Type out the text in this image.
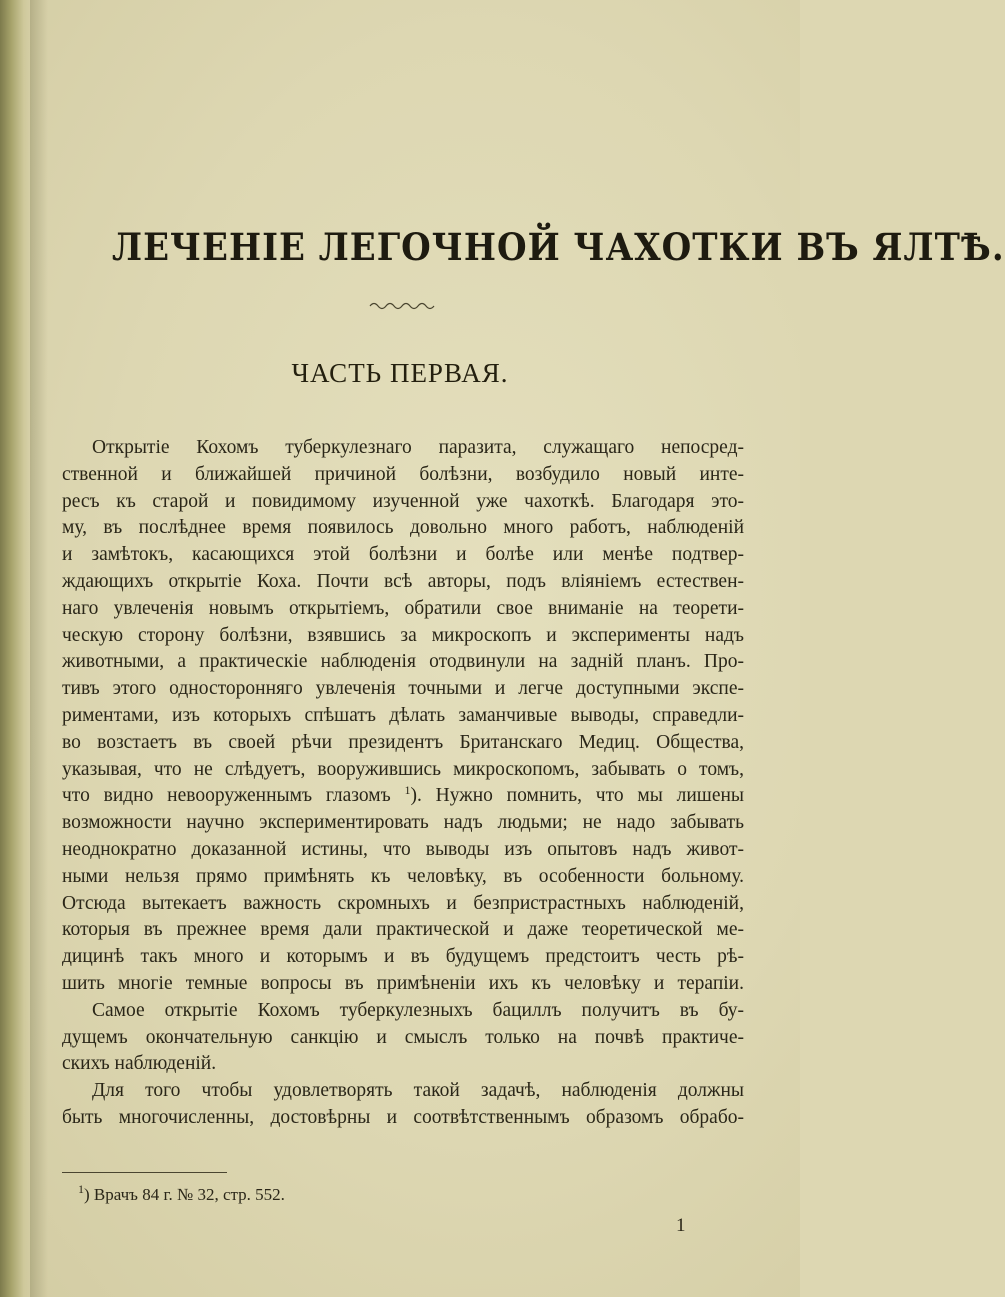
ЛЕЧЕНІЕ ЛЕГОЧНОЙ ЧАХОТКИ ВЪ ЯЛТѢ.
ЧАСТЬ ПЕРВАЯ.
Открытіе Кохомъ туберкулезнаго паразита, служащаго непосред-
ственной и ближайшей причиной болѣзни, возбудило новый инте-
ресъ къ старой и повидимому изученной уже чахоткѣ. Благодаря это-
му, въ послѣднее время появилось довольно много работъ, наблюденій
и замѣтокъ, касающихся этой болѣзни и болѣе или менѣе подтвер-
ждающихъ открытіе Коха. Почти всѣ авторы, подъ вліяніемъ естествен-
наго увлеченія новымъ открытіемъ, обратили свое вниманіе на теорети-
ческую сторону болѣзни, взявшись за микроскопъ и эксперименты надъ
животными, а практическіе наблюденія отодвинули на задній планъ. Про-
тивъ этого одностороннягo увлеченія точными и легче доступными экспе-
риментами, изъ которыхъ спѣшатъ дѣлать заманчивые выводы, справедли-
во возстаетъ въ своей рѣчи президентъ Британскаго Медиц. Общества,
указывая, что не слѣдуетъ, вооружившись микроскопомъ, забывать о томъ,
что видно невооруженнымъ глазомъ $^1$). Нужно помнить, что мы лишены
возможности научно экспериментировать надъ людьми; не надо забывать
неоднократно доказанной истины, что выводы изъ опытовъ надъ живот-
ными нельзя прямо примѣнять къ человѣку, въ особенности больному.
Отсюда вытекаетъ важность скромныхъ и безпристрастныхъ наблюденій,
которыя въ прежнее время дали практической и даже теоретической ме-
дицинѣ такъ много и которымъ и въ будущемъ предстоитъ честь рѣ-
шить многіе темные вопросы въ примѣненіи ихъ къ человѣку и терапіи.
Самое открытіе Кохомъ туберкулезныхъ бациллъ получитъ въ бу-
дущемъ окончательную санкцію и смыслъ только на почвѣ практиче-
скихъ наблюденій.
Для того чтобы удовлетворять такой задачѣ, наблюденія должны
быть многочисленны, достовѣрны и соотвѣтственнымъ образомъ обрабо-
$^1$) Врачъ 84 г. № 32, стр. 552.
1
